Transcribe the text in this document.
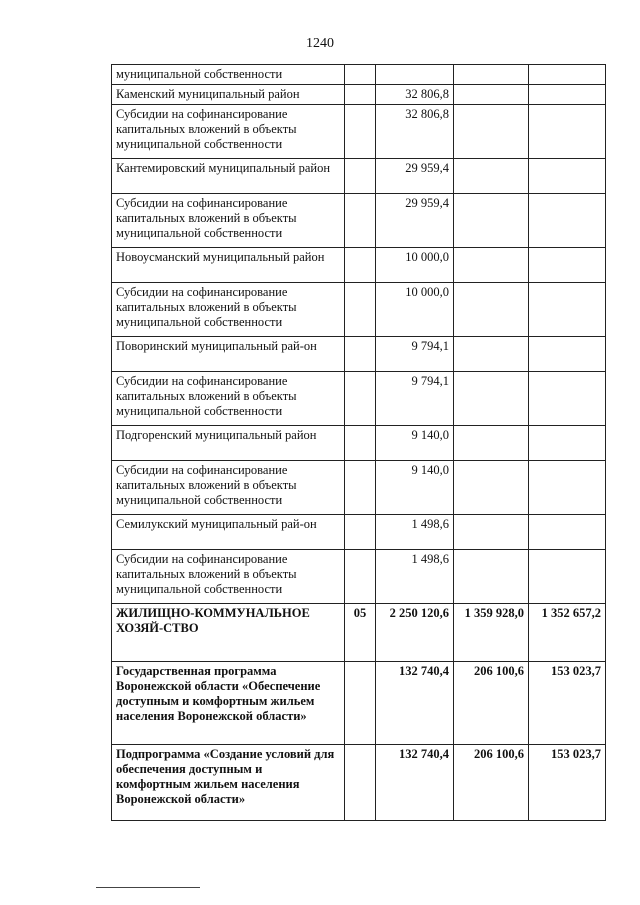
1240
муниципальной собственности				
Каменский муниципальный район		32 806,8		
Субсидии на софинансирование капитальных вложений в объекты муниципальной собственности		32 806,8		
Кантемировский муниципальный район		29 959,4		
Субсидии на софинансирование капитальных вложений в объекты муниципальной собственности		29 959,4		
Новоусманский муниципальный район		10 000,0		
Субсидии на софинансирование капитальных вложений в объекты муниципальной собственности		10 000,0		
Поворинский муниципальный рай-он		9 794,1		
Субсидии на софинансирование капитальных вложений в объекты муниципальной собственности		9 794,1		
Подгоренский муниципальный район		9 140,0		
Субсидии на софинансирование капитальных вложений в объекты муниципальной собственности		9 140,0		
Семилукский муниципальный рай-он		1 498,6		
Субсидии на софинансирование капитальных вложений в объекты муниципальной собственности		1 498,6		
ЖИЛИЩНО-КОММУНАЛЬНОЕ ХОЗЯЙ-СТВО	05	2 250 120,6	1 359 928,0	1 352 657,2
Государственная программа Воронежской области «Обеспечение доступным и комфортным жильем населения Воронежской области»		132 740,4	206 100,6	153 023,7
Подпрограмма «Создание условий для обеспечения доступным и комфортным жильем населения Воронежской области»		132 740,4	206 100,6	153 023,7
